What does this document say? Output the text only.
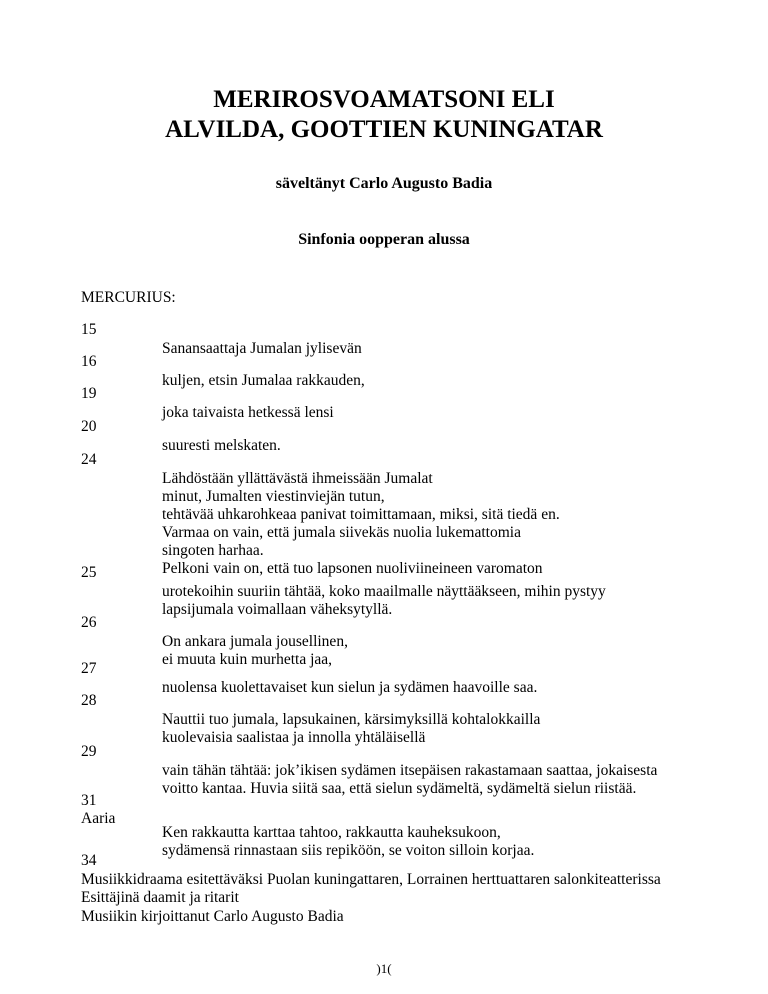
MERIROSVOAMATSONI ELI
ALVILDA, GOOTTIEN KUNINGATAR
säveltänyt Carlo Augusto Badia
Sinfonia oopperan alussa
MERCURIUS:
15
Sanansaattaja Jumalan jylisevän
16
kuljen, etsin Jumalaa rakkauden,
19
joka taivaista hetkessä lensi
20
suuresti melskaten.
24
Lähdöstään yllättävästä ihmeissään Jumalat
minut, Jumalten viestinviejän tutun,
tehtävää uhkarohkeaa panivat toimittamaan, miksi, sitä tiedä en.
Varmaa on vain, että jumala siivekäs nuolia lukemattomia
singoten harhaa.
Pelkoni vain on, että tuo lapsonen nuoliviineineen varomaton
25
urotekoihin suuriin tähtää, koko maailmalle näyttääkseen, mihin pystyy
lapsijumala voimallaan väheksytyllä.
26
On ankara jumala jousellinen,
ei muuta kuin murhetta jaa,
27
nuolensa kuolettavaiset kun sielun ja sydämen haavoille saa.
28
Nauttii tuo jumala, lapsukainen, kärsimyksillä kohtalokkailla
kuolevaisia saalistaa ja innolla yhtäläisellä
29
vain tähän tähtää: jok’ikisen sydämen itsepäisen rakastamaan saattaa, jokaisesta
voitto kantaa. Huvia siitä saa, että sielun sydämeltä, sydämeltä sielun riistää.
31
Aaria
Ken rakkautta karttaa tahtoo, rakkautta kauheksukoon,
sydämensä rinnastaan siis repiköön, se voiton silloin korjaa.
34
Musiikkidraama esitettäväksi Puolan kuningattaren, Lorrainen herttuattaren salonkiteatterissa
Esittäjinä daamit ja ritarit
Musiikin kirjoittanut Carlo Augusto Badia
)1(
